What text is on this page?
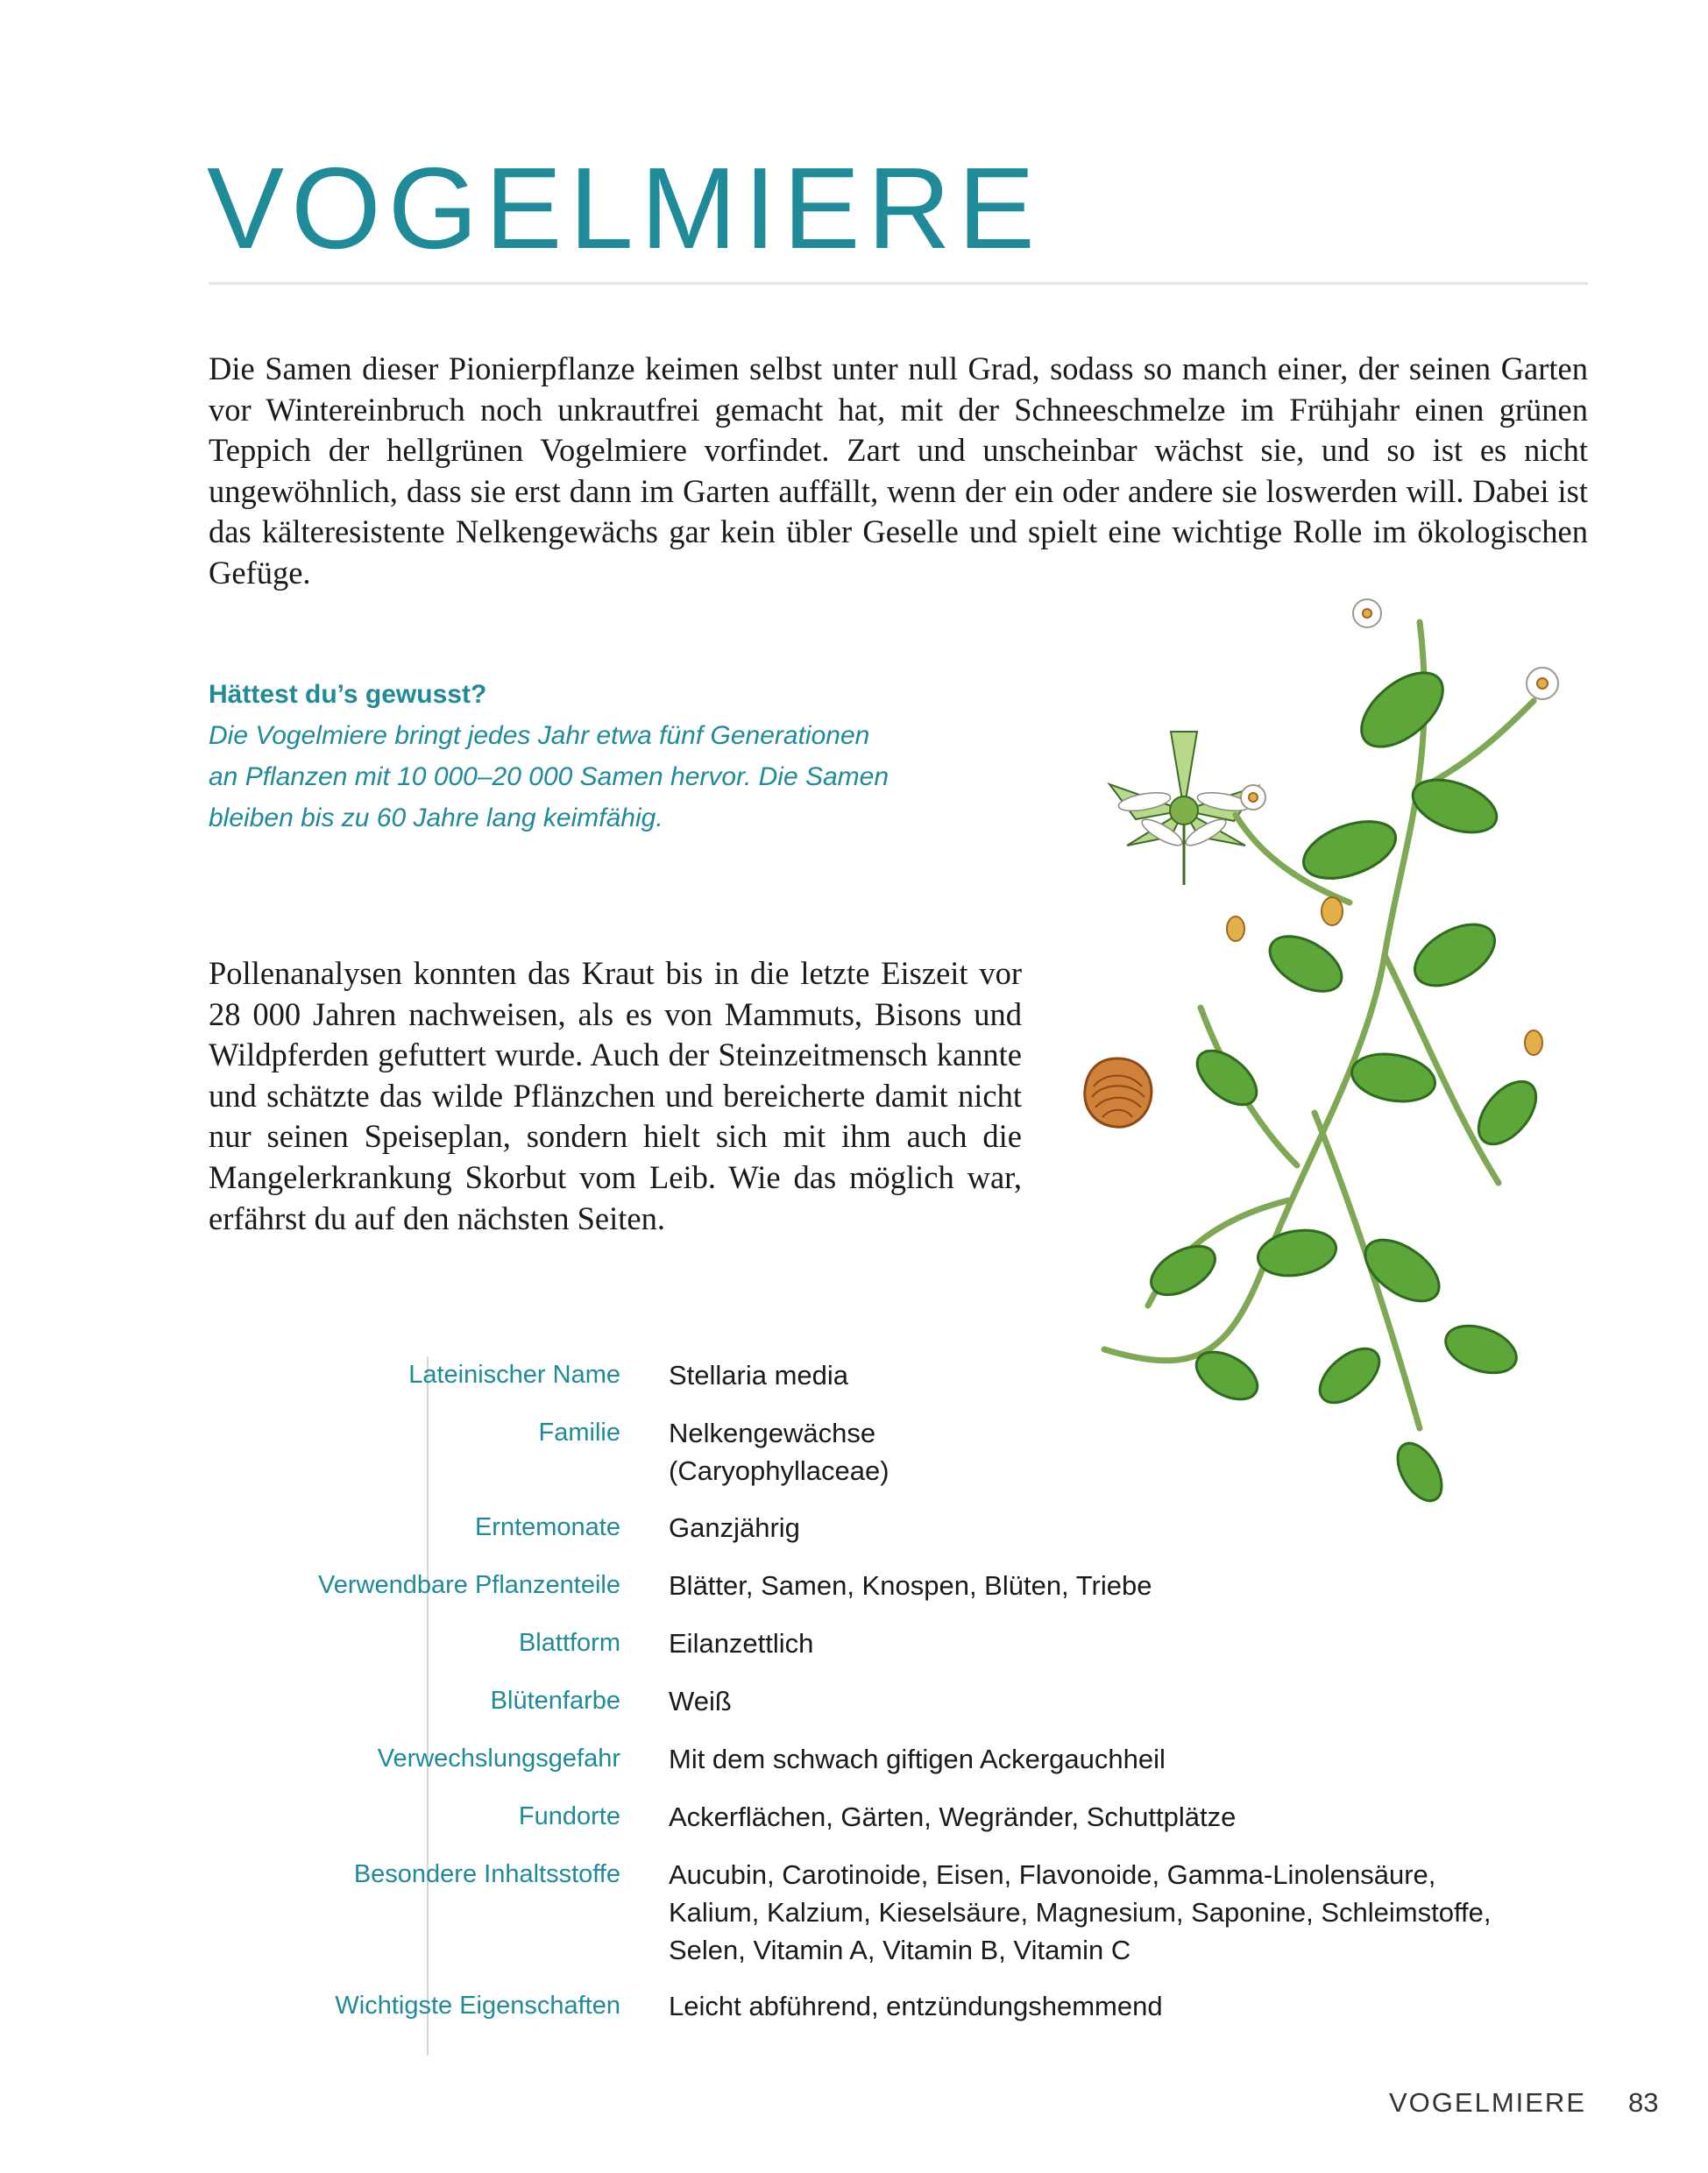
VOGELMIERE

Die Samen dieser Pionierpflanze keimen selbst unter null Grad, sodass so manch einer, der seinen Garten vor Wintereinbruch noch unkrautfrei gemacht hat, mit der Schneeschmelze im Frühjahr einen grünen Teppich der hellgrünen Vogelmiere vorfindet. Zart und unscheinbar wächst sie, und so ist es nicht ungewöhnlich, dass sie erst dann im Garten auffällt, wenn der ein oder andere sie loswerden will. Dabei ist das kälteresistente Nelkengewächs gar kein übler Geselle und spielt eine wichtige Rolle im ökologischen Gefüge.

Hättest du’s gewusst?

Die Vogelmiere bringt jedes Jahr etwa fünf Generationen

an Pflanzen mit 10 000–20 000 Samen hervor. Die Samen

bleiben bis zu 60 Jahre lang keimfähig.

Pollenanalysen konnten das Kraut bis in die letzte Eiszeit vor 28 000 Jahren nachweisen, als es von Mammuts, Bisons und Wildpferden gefuttert wurde. Auch der Steinzeitmensch kannte und schätzte das wilde Pflänzchen und bereicherte damit nicht nur seinen Speiseplan, sondern hielt sich mit ihm auch die Mangelerkrankung Skorbut vom Leib. Wie das möglich war, erfährst du auf den nächsten Seiten.

Lateinischer Name Stellaria media
Familie Nelkengewächse
(Caryophyllaceae)
Erntemonate Ganzjährig
Verwendbare Pflanzenteile Blätter, Samen, Knospen, Blüten, Triebe
Blattform Eilanzettlich
Blütenfarbe Weiß
Verwechslungsgefahr Mit dem schwach giftigen Ackergauchheil
Fundorte Ackerflächen, Gärten, Wegränder, Schuttplätze
Besondere Inhaltsstoffe Aucubin, Carotinoide, Eisen, Flavonoide, Gamma-Linolensäure,
Kalium, Kalzium, Kieselsäure, Magnesium, Saponine, Schleimstoffe,
Selen, Vitamin A, Vitamin B, Vitamin C
Wichtigste Eigenschaften Leicht abführend, entzündungshemmend
VOGELMIERE 83
